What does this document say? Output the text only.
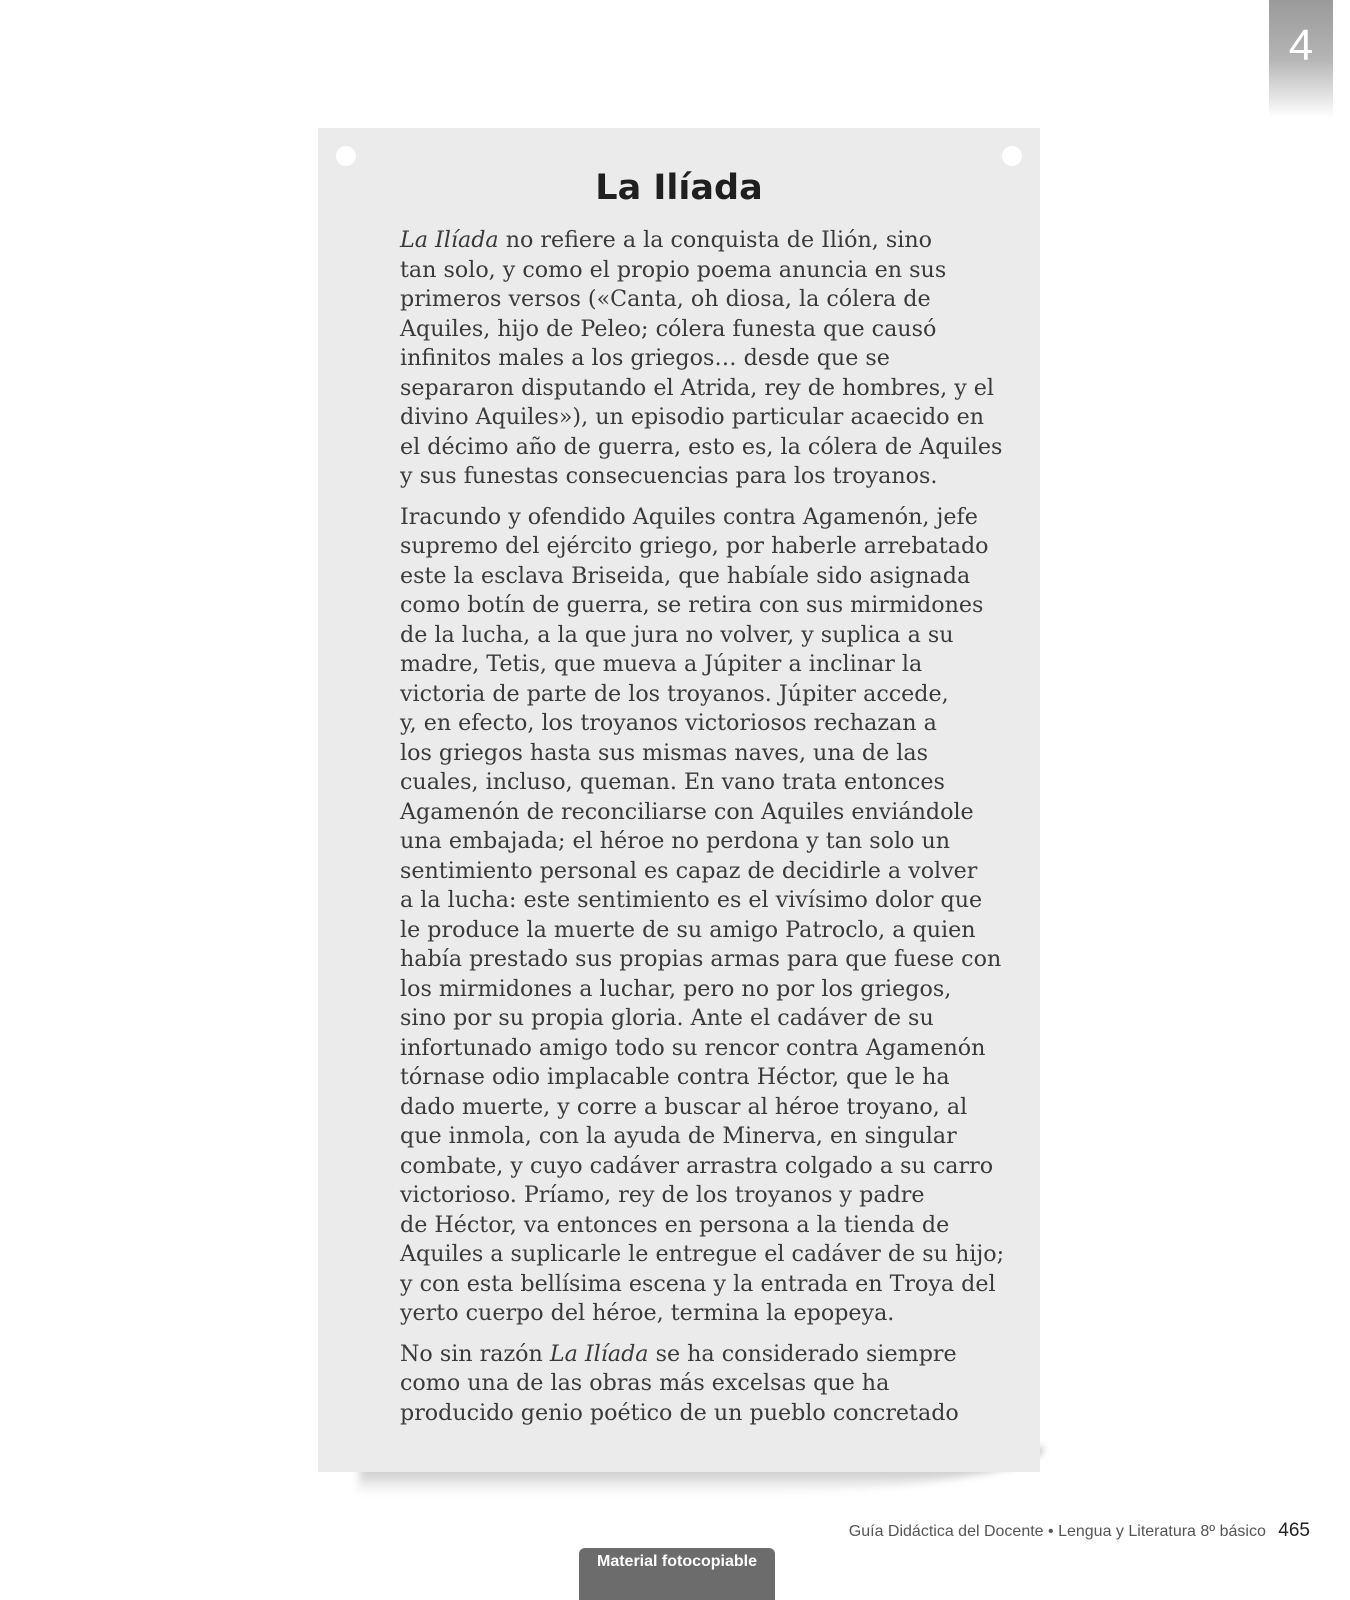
4
La Ilíada

La Ilíada no refiere a la conquista de Ilión, sino
tan solo, y como el propio poema anuncia en sus
primeros versos («Canta, oh diosa, la cólera de
Aquiles, hijo de Peleo; cólera funesta que causó
infinitos males a los griegos… desde que se
separaron disputando el Atrida, rey de hombres, y el
divino Aquiles»), un episodio particular acaecido en
el décimo año de guerra, esto es, la cólera de Aquiles
y sus funestas consecuencias para los troyanos.

Iracundo y ofendido Aquiles contra Agamenón, jefe
supremo del ejército griego, por haberle arrebatado
este la esclava Briseida, que habíale sido asignada
como botín de guerra, se retira con sus mirmidones
de la lucha, a la que jura no volver, y suplica a su
madre, Tetis, que mueva a Júpiter a inclinar la
victoria de parte de los troyanos. Júpiter accede,
y, en efecto, los troyanos victoriosos rechazan a
los griegos hasta sus mismas naves, una de las
cuales, incluso, queman. En vano trata entonces
Agamenón de reconciliarse con Aquiles enviándole
una embajada; el héroe no perdona y tan solo un
sentimiento personal es capaz de decidirle a volver
a la lucha: este sentimiento es el vivísimo dolor que
le produce la muerte de su amigo Patroclo, a quien
había prestado sus propias armas para que fuese con
los mirmidones a luchar, pero no por los griegos,
sino por su propia gloria. Ante el cadáver de su
infortunado amigo todo su rencor contra Agamenón
tórnase odio implacable contra Héctor, que le ha
dado muerte, y corre a buscar al héroe troyano, al
que inmola, con la ayuda de Minerva, en singular
combate, y cuyo cadáver arrastra colgado a su carro
victorioso. Príamo, rey de los troyanos y padre
de Héctor, va entonces en persona a la tienda de
Aquiles a suplicarle le entregue el cadáver de su hijo;
y con esta bellísima escena y la entrada en Troya del
yerto cuerpo del héroe, termina la epopeya.

No sin razón La Ilíada se ha considerado siempre
como una de las obras más excelsas que ha
producido genio poético de un pueblo concretado

Guía Didáctica del Docente • Lengua y Literatura 8º básico 465
Material fotocopiable
